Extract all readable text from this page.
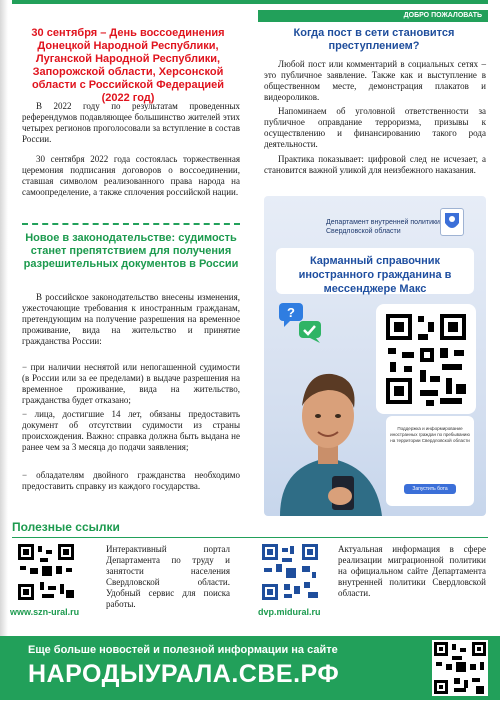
ДОБРО ПОЖАЛОВАТЬ
30 сентября – День воссоединения Донецкой Народной Республики, Луганской Народной Республики, Запорожской области, Херсонской области с Российской Федерацией (2022 год)
В 2022 году по результатам проведенных референдумов подавляющее большинство жителей этих четырех регионов проголосовали за вступление в состав России.
30 сентября 2022 года состоялась торжественная церемония подписания договоров о воссоединении, ставшая символом реализованного права народа на самоопределение, а также сплочения российской нации.
Новое в законодательстве: судимость станет препятствием для получения разрешительных документов в России
В российское законодательство внесены изменения, ужесточающие требования к иностранным гражданам, претендующим на получение разрешения на временное проживание, вида на жительство и принятие гражданства России:
− при наличии неснятой или непогашенной судимости (в России или за ее пределами) в выдаче разрешения на временное проживание, вида на жительство, гражданства будет отказано;
− лица, достигшие 14 лет, обязаны предоставить документ об отсутствии судимости из страны происхождения. Важно: справка должна быть выдана не ранее чем за 3 месяца до подачи заявления;
− обладателям двойного гражданства необходимо предоставить справку из каждого государства.
Когда пост в сети становится преступлением?
Любой пост или комментарий в социальных сетях – это публичное заявление. Также как и выступление в общественном месте, демонстрация плакатов и видеороликов.
Напоминаем об уголовной ответственности за публичное оправдание терроризма, призывы к осуществлению и финансированию такого рода деятельности.
Практика показывает: цифровой след не исчезает, а становится важной уликой для неизбежного наказания.
Департамент внутренней политики Свердловской области
Карманный справочник иностранного гражданина в мессенджере Макс
?
Поддержка и информирование иностранных граждан по пребыванию на территории Свердловской области
Запустить бота
Полезные ссылки
www.szn-ural.ru
Интерактивный портал Департамента по труду и занятости населения Свердловской области. Удобный сервис для поиска работы.
dvp.midural.ru
Актуальная информация в сфере реализации миграционной политики на официальном сайте Департамента внутренней политики Свердловской области.
Еще больше новостей и полезной информации на сайте
НАРОДЫУРАЛА.СВЕ.РФ
